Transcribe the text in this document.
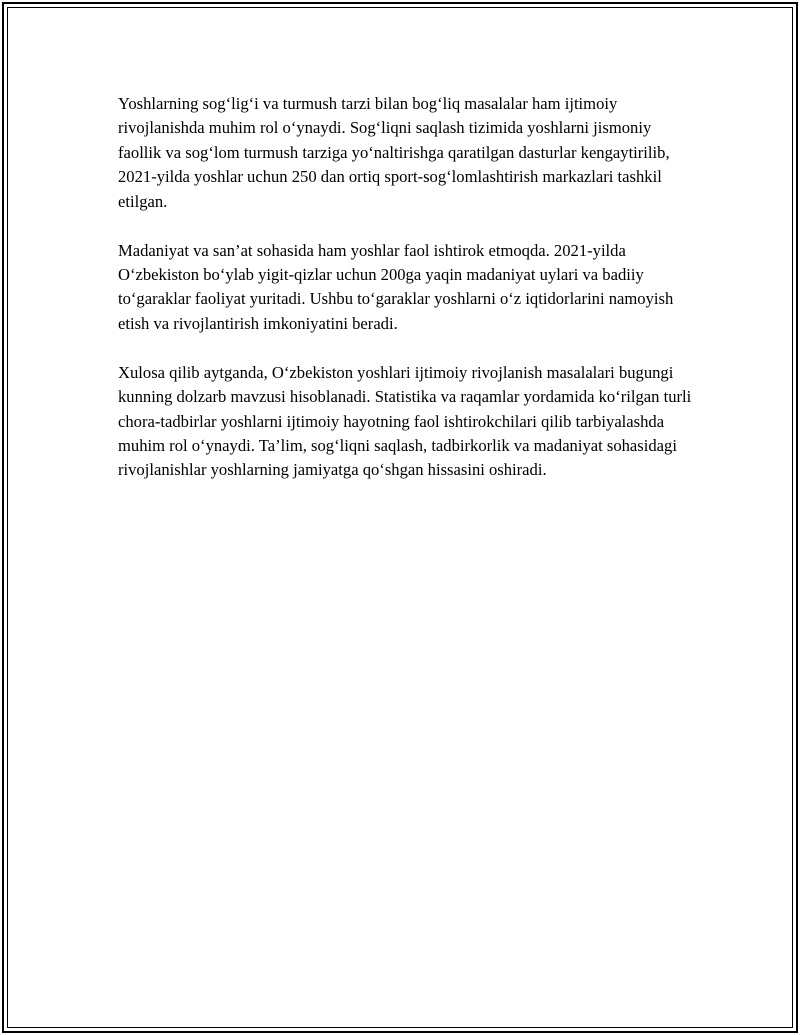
Yoshlarning sog‘lig‘i va turmush tarzi bilan bog‘liq masalalar ham ijtimoiy rivojlanishda muhim rol o‘ynaydi. Sog‘liqni saqlash tizimida yoshlarni jismoniy faollik va sog‘lom turmush tarziga yo‘naltirishga qaratilgan dasturlar kengaytirilib, 2021-yilda yoshlar uchun 250 dan ortiq sport-sog‘lomlashtirish markazlari tashkil etilgan.

Madaniyat va san’at sohasida ham yoshlar faol ishtirok etmoqda. 2021-yilda O‘zbekiston bo‘ylab yigit-qizlar uchun 200ga yaqin madaniyat uylari va badiiy to‘garaklar faoliyat yuritadi. Ushbu to‘garaklar yoshlarni o‘z iqtidorlarini namoyish etish va rivojlantirish imkoniyatini beradi.

Xulosa qilib aytganda, O‘zbekiston yoshlari ijtimoiy rivojlanish masalalari bugungi kunning dolzarb mavzusi hisoblanadi. Statistika va raqamlar yordamida ko‘rilgan turli chora-tadbirlar yoshlarni ijtimoiy hayotning faol ishtirokchilari qilib tarbiyalashda muhim rol o‘ynaydi. Ta’lim, sog‘liqni saqlash, tadbirkorlik va madaniyat sohasidagi rivojlanishlar yoshlarning jamiyatga qo‘shgan hissasini oshiradi.
